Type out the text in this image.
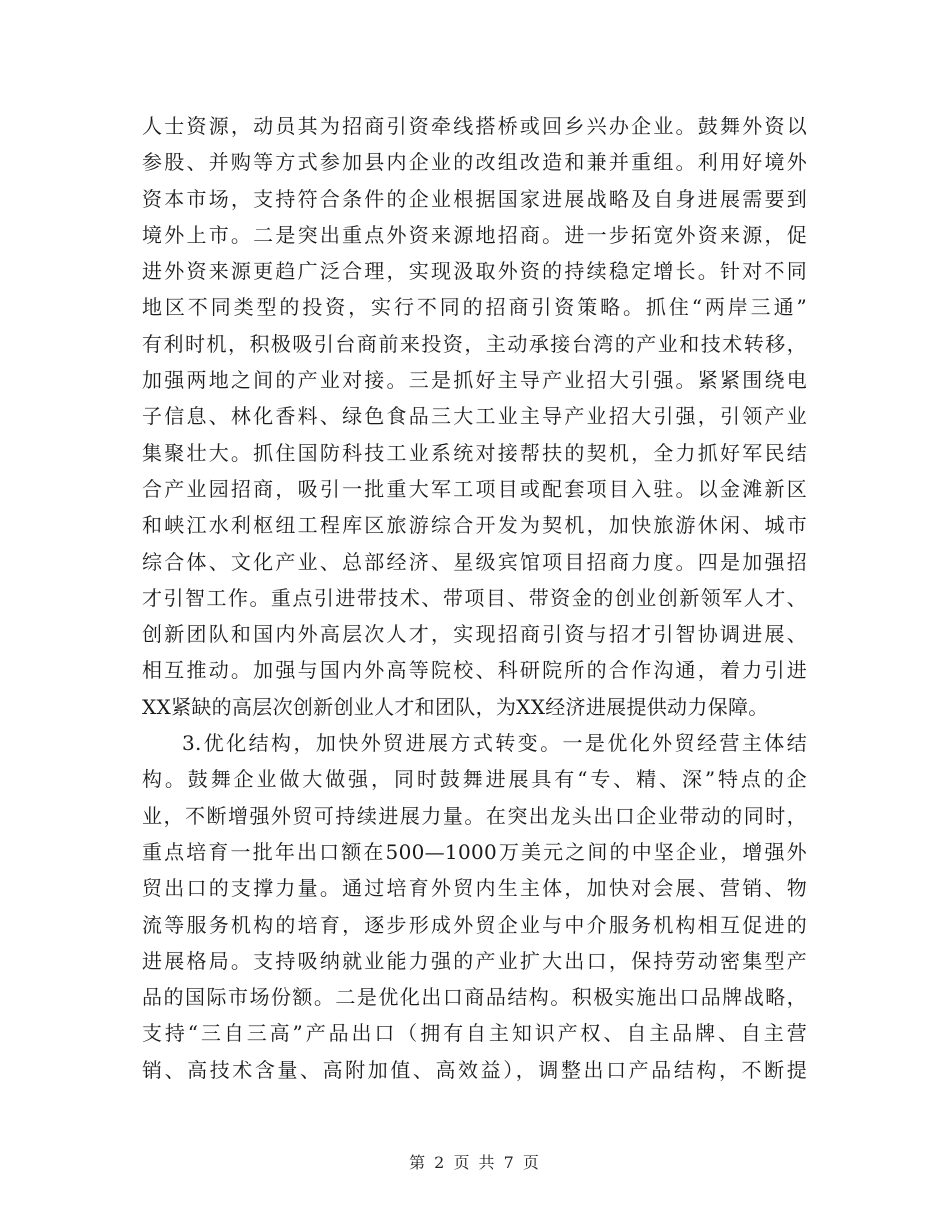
人士资源，动员其为招商引资牵线搭桥或回乡兴办企业。鼓舞外资以
参股、并购等方式参加县内企业的改组改造和兼并重组。利用好境外
资本市场，支持符合条件的企业根据国家进展战略及自身进展需要到
境外上市。二是突出重点外资来源地招商。进一步拓宽外资来源，促
进外资来源更趋广泛合理，实现汲取外资的持续稳定增长。针对不同
地区不同类型的投资，实行不同的招商引资策略。抓住“两岸三通”
有利时机，积极吸引台商前来投资，主动承接台湾的产业和技术转移，
加强两地之间的产业对接。三是抓好主导产业招大引强。紧紧围绕电
子信息、林化香料、绿色食品三大工业主导产业招大引强，引领产业
集聚壮大。抓住国防科技工业系统对接帮扶的契机，全力抓好军民结
合产业园招商，吸引一批重大军工项目或配套项目入驻。以金滩新区
和峡江水利枢纽工程库区旅游综合开发为契机，加快旅游休闲、城市
综合体、文化产业、总部经济、星级宾馆项目招商力度。四是加强招
才引智工作。重点引进带技术、带项目、带资金的创业创新领军人才、
创新团队和国内外高层次人才，实现招商引资与招才引智协调进展、
相互推动。加强与国内外高等院校、科研院所的合作沟通，着力引进
XX紧缺的高层次创新创业人才和团队，为XX经济进展提供动力保障。
3.优化结构，加快外贸进展方式转变。一是优化外贸经营主体结
构。鼓舞企业做大做强，同时鼓舞进展具有“专、精、深”特点的企
业，不断增强外贸可持续进展力量。在突出龙头出口企业带动的同时，
重点培育一批年出口额在500—1000万美元之间的中坚企业，增强外
贸出口的支撑力量。通过培育外贸内生主体，加快对会展、营销、物
流等服务机构的培育，逐步形成外贸企业与中介服务机构相互促进的
进展格局。支持吸纳就业能力强的产业扩大出口，保持劳动密集型产
品的国际市场份额。二是优化出口商品结构。积极实施出口品牌战略，
支持“三自三高”产品出口（拥有自主知识产权、自主品牌、自主营
销、高技术含量、高附加值、高效益），调整出口产品结构，不断提
第 2 页 共 7 页
